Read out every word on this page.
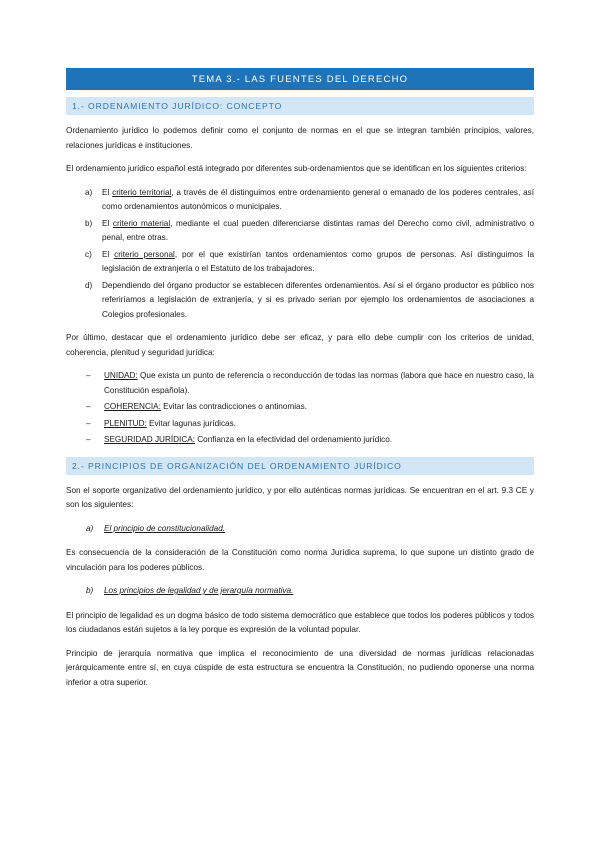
TEMA 3.- LAS FUENTES DEL DERECHO
1.- ORDENAMIENTO JURÍDICO: CONCEPTO

Ordenamiento jurídico lo podemos definir como el conjunto de normas en el que se integran también principios, valores, relaciones jurídicas e instituciones.

El ordenamiento jurídico español está integrado por diferentes sub-ordenamientos que se identifican en los siguientes criterios:

a) El criterio territorial, a través de él distinguimos entre ordenamiento general o emanado de los poderes centrales, así como ordenamientos autonómicos o municipales.
b) El criterio material, mediante el cual pueden diferenciarse distintas ramas del Derecho como civil, administrativo o penal, entre otras.
c) El criterio personal, por el que existirían tantos ordenamientos como grupos de personas. Así distinguimos la legislación de extranjería o el Estatuto de los trabajadores.
d) Dependiendo del órgano productor se establecen diferentes ordenamientos. Así si el órgano productor es público nos referiríamos a legislación de extranjería, y si es privado serian por ejemplo los ordenamientos de asociaciones a Colegios profesionales.

Por último, destacar que el ordenamiento jurídico debe ser eficaz, y para ello debe cumplir con los criterios de unidad, coherencia, plenitud y seguridad jurídica:

– UNIDAD: Que exista un punto de referencia o reconducción de todas las normas (labora que hace en nuestro caso, la Constitución española).
– COHERENCIA: Evitar las contradicciones o antinomias.
– PLENITUD: Evitar lagunas jurídicas.
– SEGURIDAD JURÍDICA: Confianza en la efectividad del ordenamiento jurídico.
2.- PRINCIPIOS DE ORGANIZACIÓN DEL ORDENAMIENTO JURÍDICO

Son el soporte organizativo del ordenamiento jurídico, y por ello auténticas normas jurídicas. Se encuentran en el art. 9.3 CE y son los siguientes:

a) El principio de constitucionalidad.

Es consecuencia de la consideración de la Constitución como norma Jurídica suprema, lo que supone un distinto grado de vinculación para los poderes públicos.

b) Los principios de legalidad y de jerarquía normativa.

El principio de legalidad es un dogma básico de todo sistema democrático que establece que todos los poderes públicos y todos los ciudadanos están sujetos a la ley porque es expresión de la voluntad popular.

Principio de jerarquía normativa que implica el reconocimiento de una diversidad de normas jurídicas relacionadas jerárquicamente entre sí, en cuya cúspide de esta estructura se encuentra la Constitución, no pudiendo oponerse una norma inferior a otra superior.
